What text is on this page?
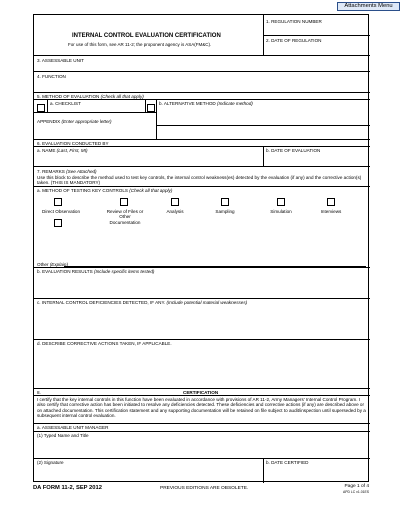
Attachments Menu
INTERNAL CONTROL EVALUATION CERTIFICATION
For use of this form, see AR 11-2; the proponent agency is ASA(FM&C).
1. REGULATION NUMBER
2. DATE OF REGULATION
3. ASSESSABLE UNIT
4. FUNCTION
5. METHOD OF EVALUATION (Check all that apply)
a. CHECKLIST	b. ALTERNATIVE METHOD (Indicate method)
APPENDIX (Enter appropriate letter)
6. EVALUATION CONDUCTED BY
a. NAME (Last, First, MI)	b. DATE OF EVALUATION
7. REMARKS (See Attached)
Use this block to describe the method used to test key controls, the internal control weakness(es) detected by the evaluation (if any) and the corrective action(s) taken. (THIS IS MANDATORY)
a. METHOD OF TESTING KEY CONTROLS (Check all that apply)
Direct Observation	Review of Files or Other Documentation
Analysis	Sampling	Simulation	Interviews
Other (Explain)
b. EVALUATION RESULTS (Include specific items tested)
c. INTERNAL CONTROL DEFICIENCIES DETECTED, IF ANY. (Include potential material weaknesses)
d. DESCRIBE CORRECTIVE ACTIONS TAKEN, IF APPLICABLE.
8.	CERTIFICATION
I certify that the key internal controls in this function have been evaluated in accordance with provisions of AR 11-2, Army Managers' Internal Control Program. I also certify that corrective action has been initiated to resolve any deficiencies detected. These deficiencies and corrective actions (if any) are described above or on attached documentation. This certification statement and any supporting documentation will be retained on file subject to audit/inspection until superseded by a subsequent internal control evaluation.
a. ASSESSABLE UNIT MANAGER
(1) Typed Name and Title
(2) Signature	b. DATE CERTIFIED
DA FORM 11-2, SEP 2012	PREVIOUS EDITIONS ARE OBSOLETE.	Page 1 of 4
APD LC v1.01ES
